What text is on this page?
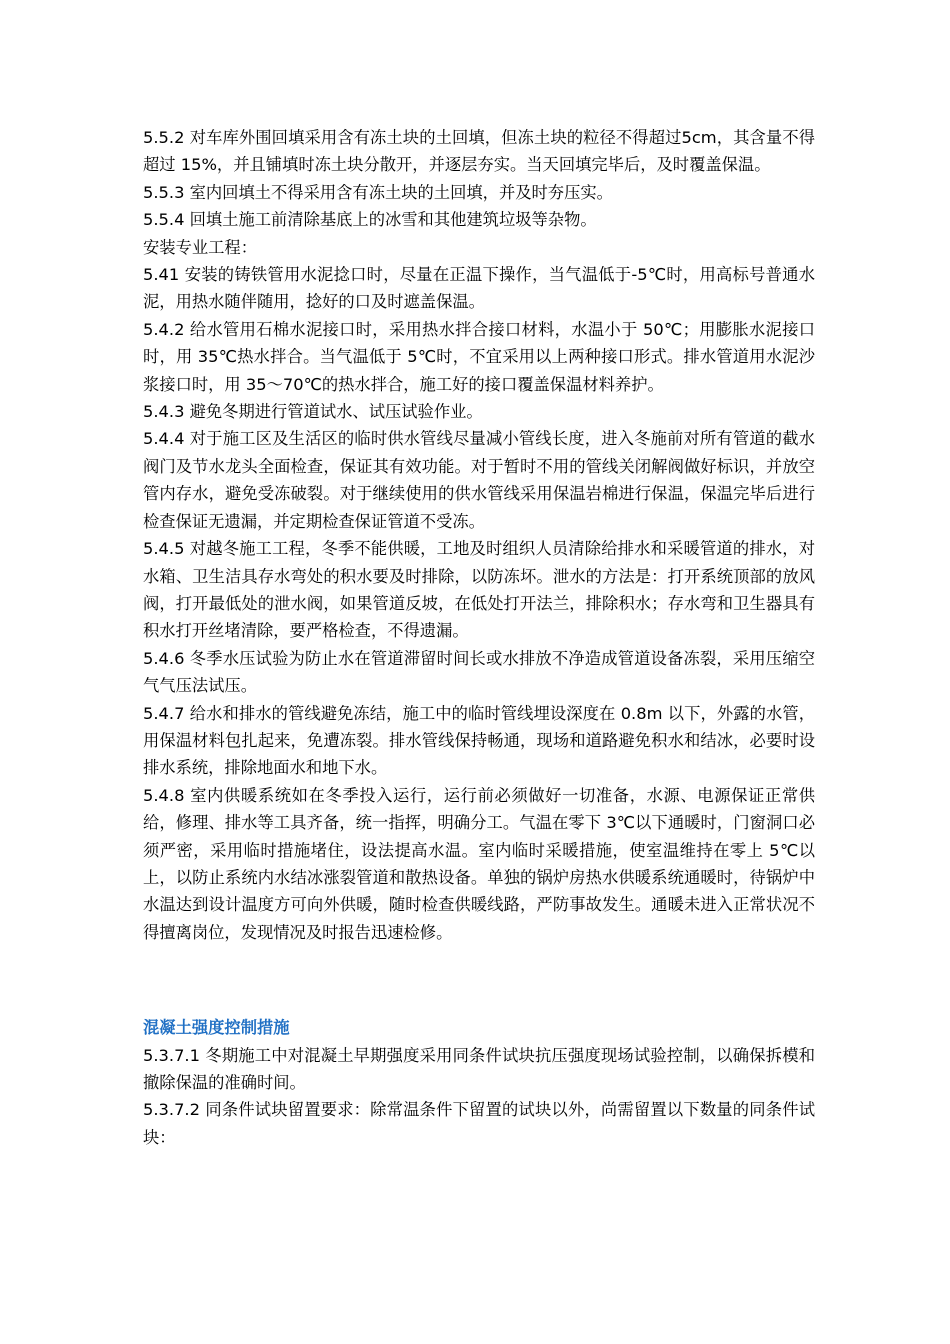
5.5.2 对车库外围回填采用含有冻土块的土回填，但冻土块的粒径不得超过5cm，其含量不得超过 15%，并且铺填时冻土块分散开，并逐层夯实。当天回填完毕后，及时覆盖保温。

5.5.3 室内回填土不得采用含有冻土块的土回填，并及时夯压实。

5.5.4 回填土施工前清除基底上的冰雪和其他建筑垃圾等杂物。

安装专业工程：

5.41 安装的铸铁管用水泥捻口时，尽量在正温下操作，当气温低于-5℃时，用高标号普通水泥，用热水随伴随用，捻好的口及时遮盖保温。

5.4.2 给水管用石棉水泥接口时，采用热水拌合接口材料，水温小于 50℃；用膨胀水泥接口时，用 35℃热水拌合。当气温低于 5℃时，不宜采用以上两种接口形式。排水管道用水泥沙浆接口时，用 35～70℃的热水拌合，施工好的接口覆盖保温材料养护。

5.4.3 避免冬期进行管道试水、试压试验作业。

5.4.4 对于施工区及生活区的临时供水管线尽量减小管线长度，进入冬施前对所有管道的截水阀门及节水龙头全面检查，保证其有效功能。对于暂时不用的管线关闭解阀做好标识，并放空管内存水，避免受冻破裂。对于继续使用的供水管线采用保温岩棉进行保温，保温完毕后进行检查保证无遗漏，并定期检查保证管道不受冻。

5.4.5 对越冬施工工程，冬季不能供暖，工地及时组织人员清除给排水和采暖管道的排水，对水箱、卫生洁具存水弯处的积水要及时排除，以防冻坏。泄水的方法是：打开系统顶部的放风阀，打开最低处的泄水阀，如果管道反坡，在低处打开法兰，排除积水；存水弯和卫生器具有积水打开丝堵清除，要严格检查，不得遗漏。

5.4.6 冬季水压试验为防止水在管道滞留时间长或水排放不净造成管道设备冻裂，采用压缩空气气压法试压。

5.4.7 给水和排水的管线避免冻结，施工中的临时管线埋设深度在 0.8m 以下，外露的水管，用保温材料包扎起来，免遭冻裂。排水管线保持畅通，现场和道路避免积水和结冰，必要时设排水系统，排除地面水和地下水。

5.4.8 室内供暖系统如在冬季投入运行，运行前必须做好一切准备，水源、电源保证正常供给，修理、排水等工具齐备，统一指挥，明确分工。气温在零下 3℃以下通暖时，门窗洞口必须严密，采用临时措施堵住，设法提高水温。室内临时采暖措施，使室温维持在零上 5℃以上，以防止系统内水结冰涨裂管道和散热设备。单独的锅炉房热水供暖系统通暖时，待锅炉中水温达到设计温度方可向外供暖，随时检查供暖线路，严防事故发生。通暖未进入正常状况不得擅离岗位，发现情况及时报告迅速检修。

混凝土强度控制措施

5.3.7.1 冬期施工中对混凝土早期强度采用同条件试块抗压强度现场试验控制，以确保拆模和撤除保温的准确时间。

5.3.7.2 同条件试块留置要求：除常温条件下留置的试块以外，尚需留置以下数量的同条件试块：
